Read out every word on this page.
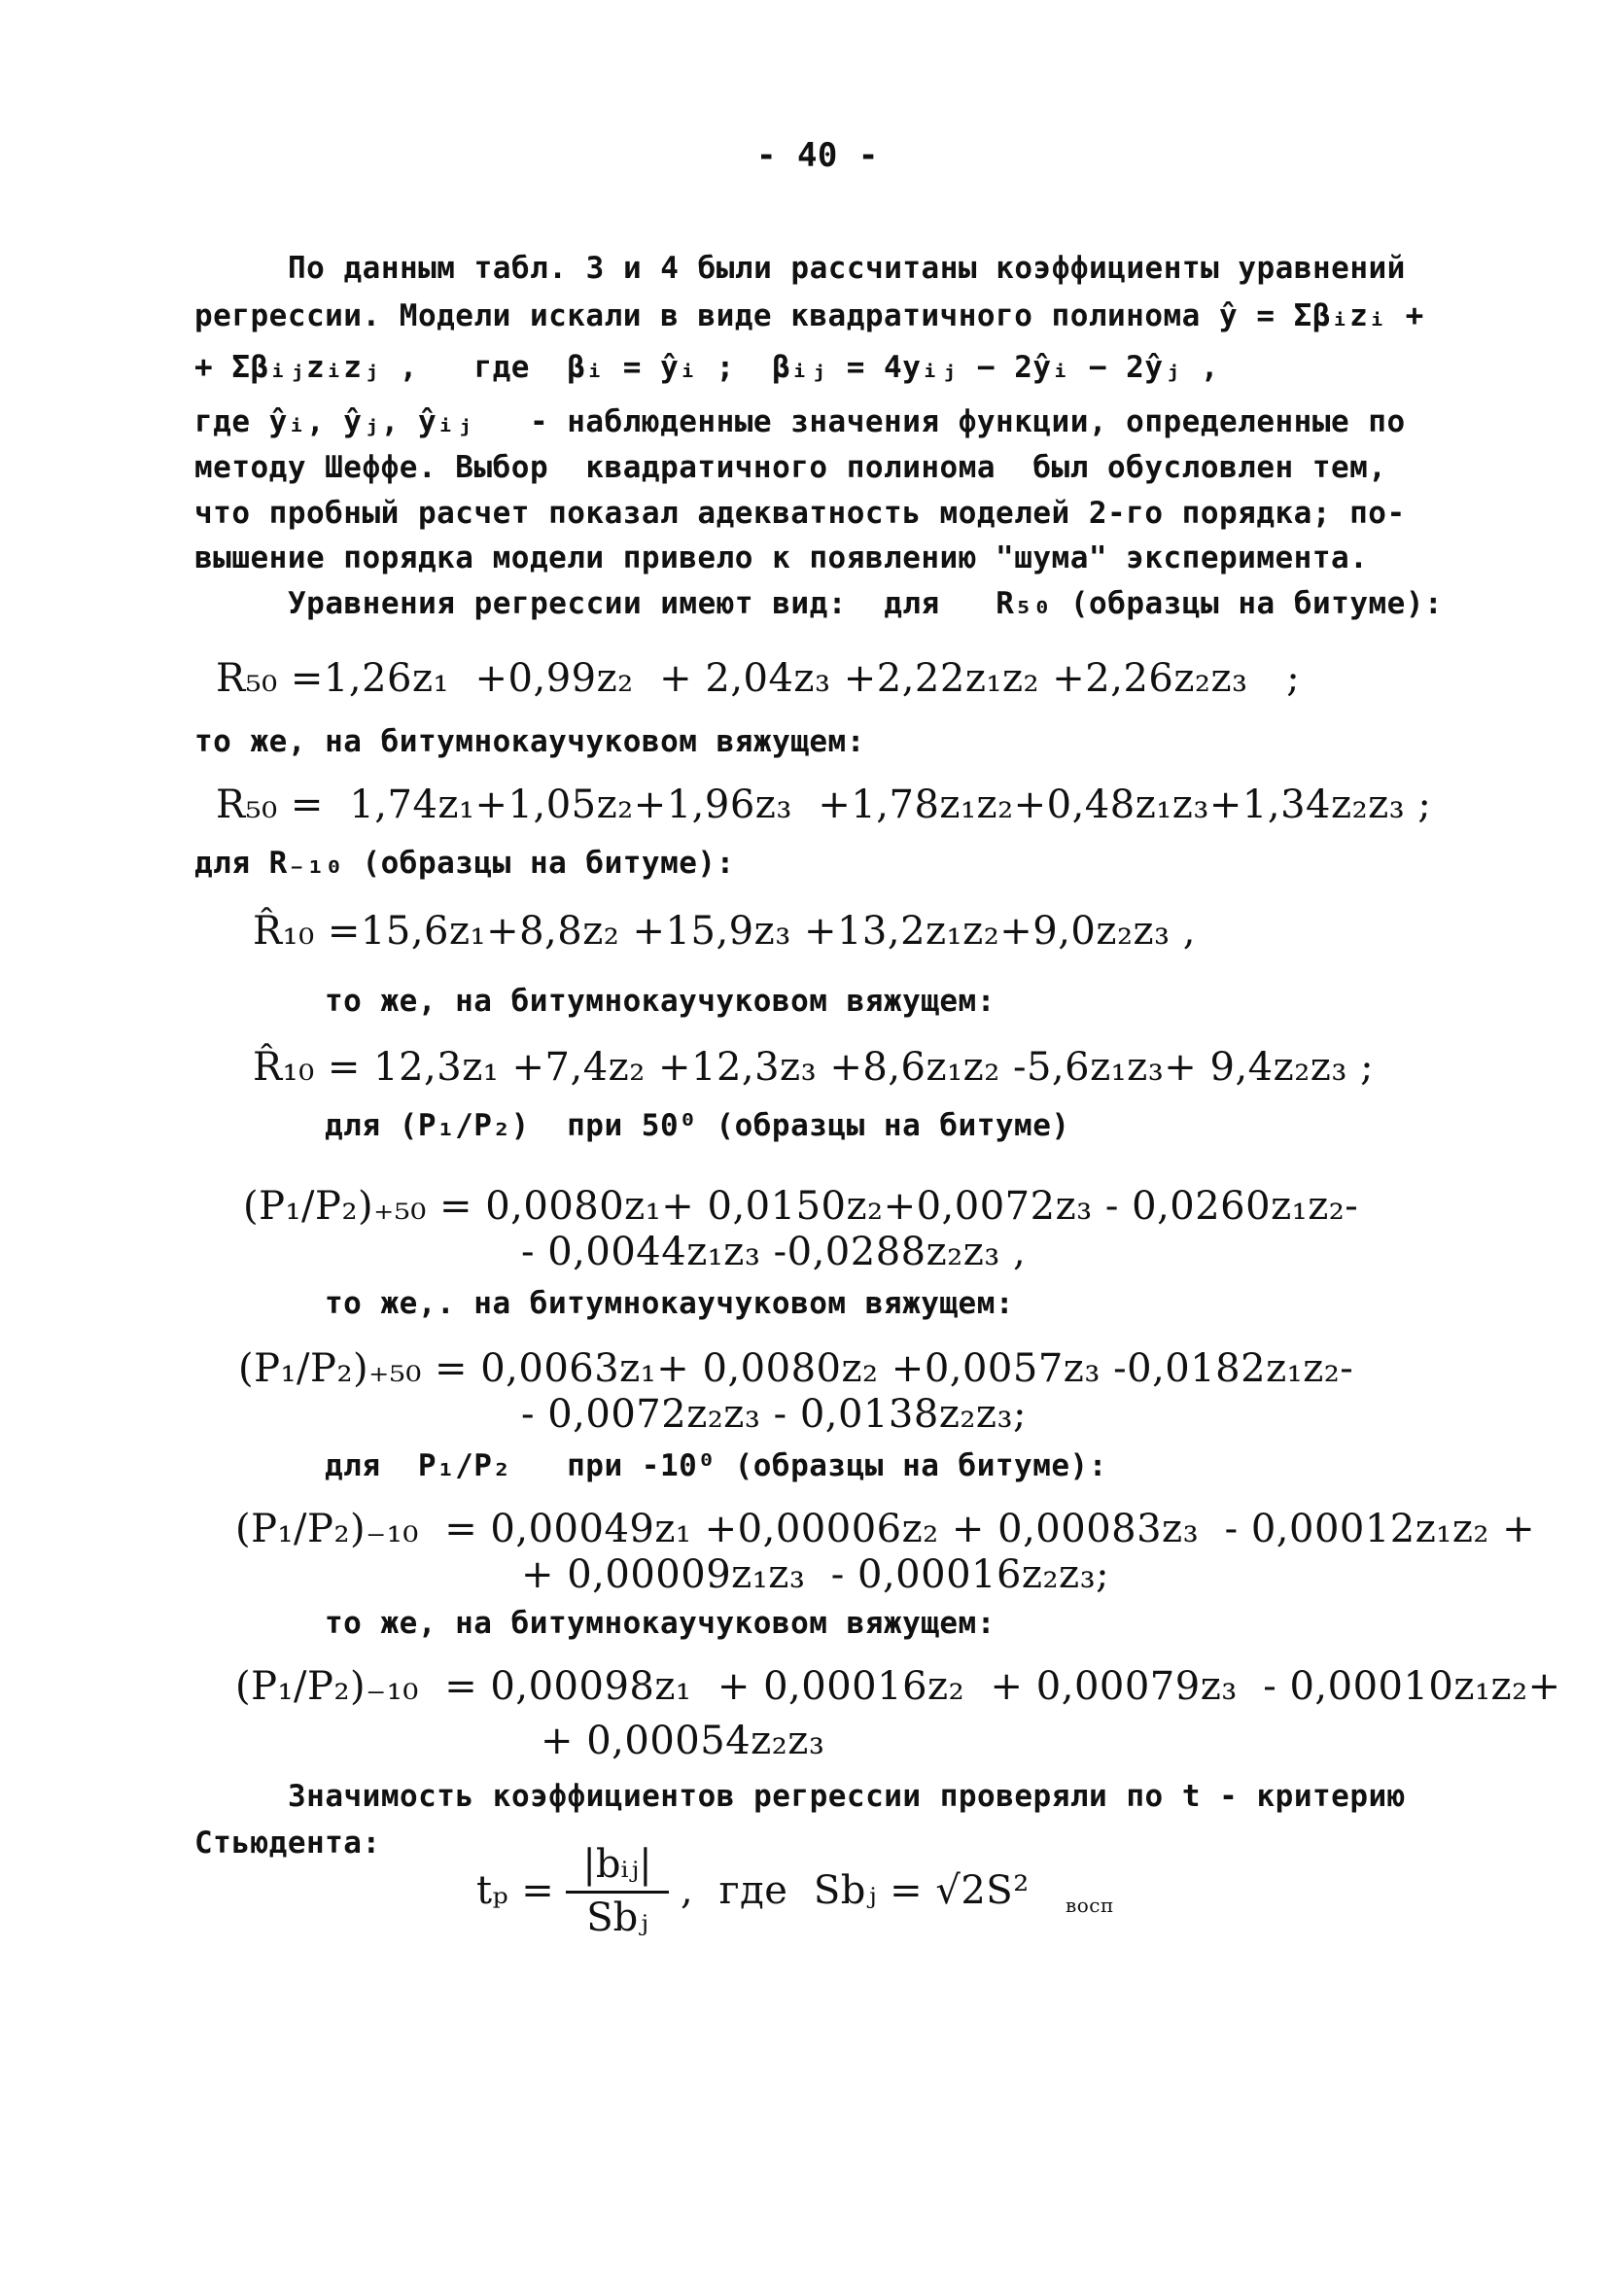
- 40 -
По данным табл. 3 и 4 были рассчитаны коэффициенты уравнений
регрессии. Модели искали в виде квадратичного полинома ŷ = Σβᵢzᵢ +
+ Σβᵢⱼzᵢzⱼ ,   где  βᵢ = ŷᵢ ;  βᵢⱼ = 4yᵢⱼ − 2ŷᵢ − 2ŷⱼ ,
где ŷᵢ, ŷⱼ, ŷᵢⱼ   - наблюденные значения функции, определенные по
методу Шеффе. Выбор  квадратичного полинома  был обусловлен тем,
что пробный расчет показал адекватность моделей 2-го порядка; по-
вышение порядка модели привело к появлению "шума" эксперимента.
Уравнения регрессии имеют вид:  для   R₅₀ (образцы на битуме):
R₅₀ =1,26z₁  +0,99z₂  + 2,04z₃ +2,22z₁z₂ +2,26z₂z₃   ;
то же, на битумнокаучуковом вяжущем:
R₅₀ =  1,74z₁+1,05z₂+1,96z₃  +1,78z₁z₂+0,48z₁z₃+1,34z₂z₃ ;
для R₋₁₀ (образцы на битуме):
R̂₁₀ =15,6z₁+8,8z₂ +15,9z₃ +13,2z₁z₂+9,0z₂z₃ ,
то же, на битумнокаучуковом вяжущем:
R̂₁₀ = 12,3z₁ +7,4z₂ +12,3z₃ +8,6z₁z₂ ‑5,6z₁z₃+ 9,4z₂z₃ ;
для (P₁/P₂)  при 50⁰ (образцы на битуме)
(P₁/P₂)₊₅₀ = 0,0080z₁+ 0,0150z₂+0,0072z₃ - 0,0260z₁z₂-
- 0,0044z₁z₃ -0,0288z₂z₃ ,
то же,. на битумнокаучуковом вяжущем:
(P₁/P₂)₊₅₀ = 0,0063z₁+ 0,0080z₂ +0,0057z₃ -0,0182z₁z₂-
- 0,0072z₂z₃ - 0,0138z₂z₃;
для  P₁/P₂   при -10⁰ (образцы на битуме):
(P₁/P₂)₋₁₀  = 0,00049z₁ +0,00006z₂ + 0,00083z₃  - 0,00012z₁z₂ +
+ 0,00009z₁z₃  - 0,00016z₂z₃;
то же, на битумнокаучуковом вяжущем:
(P₁/P₂)₋₁₀  = 0,00098z₁  + 0,00016z₂  + 0,00079z₃  - 0,00010z₁z₂+
+ 0,00054z₂z₃
Значимость коэффициентов регрессии проверяли по t - критерию
Стьюдента:
tₚ =
|bᵢⱼ|
Sbⱼ
,  где  Sbⱼ = √2S² восп
